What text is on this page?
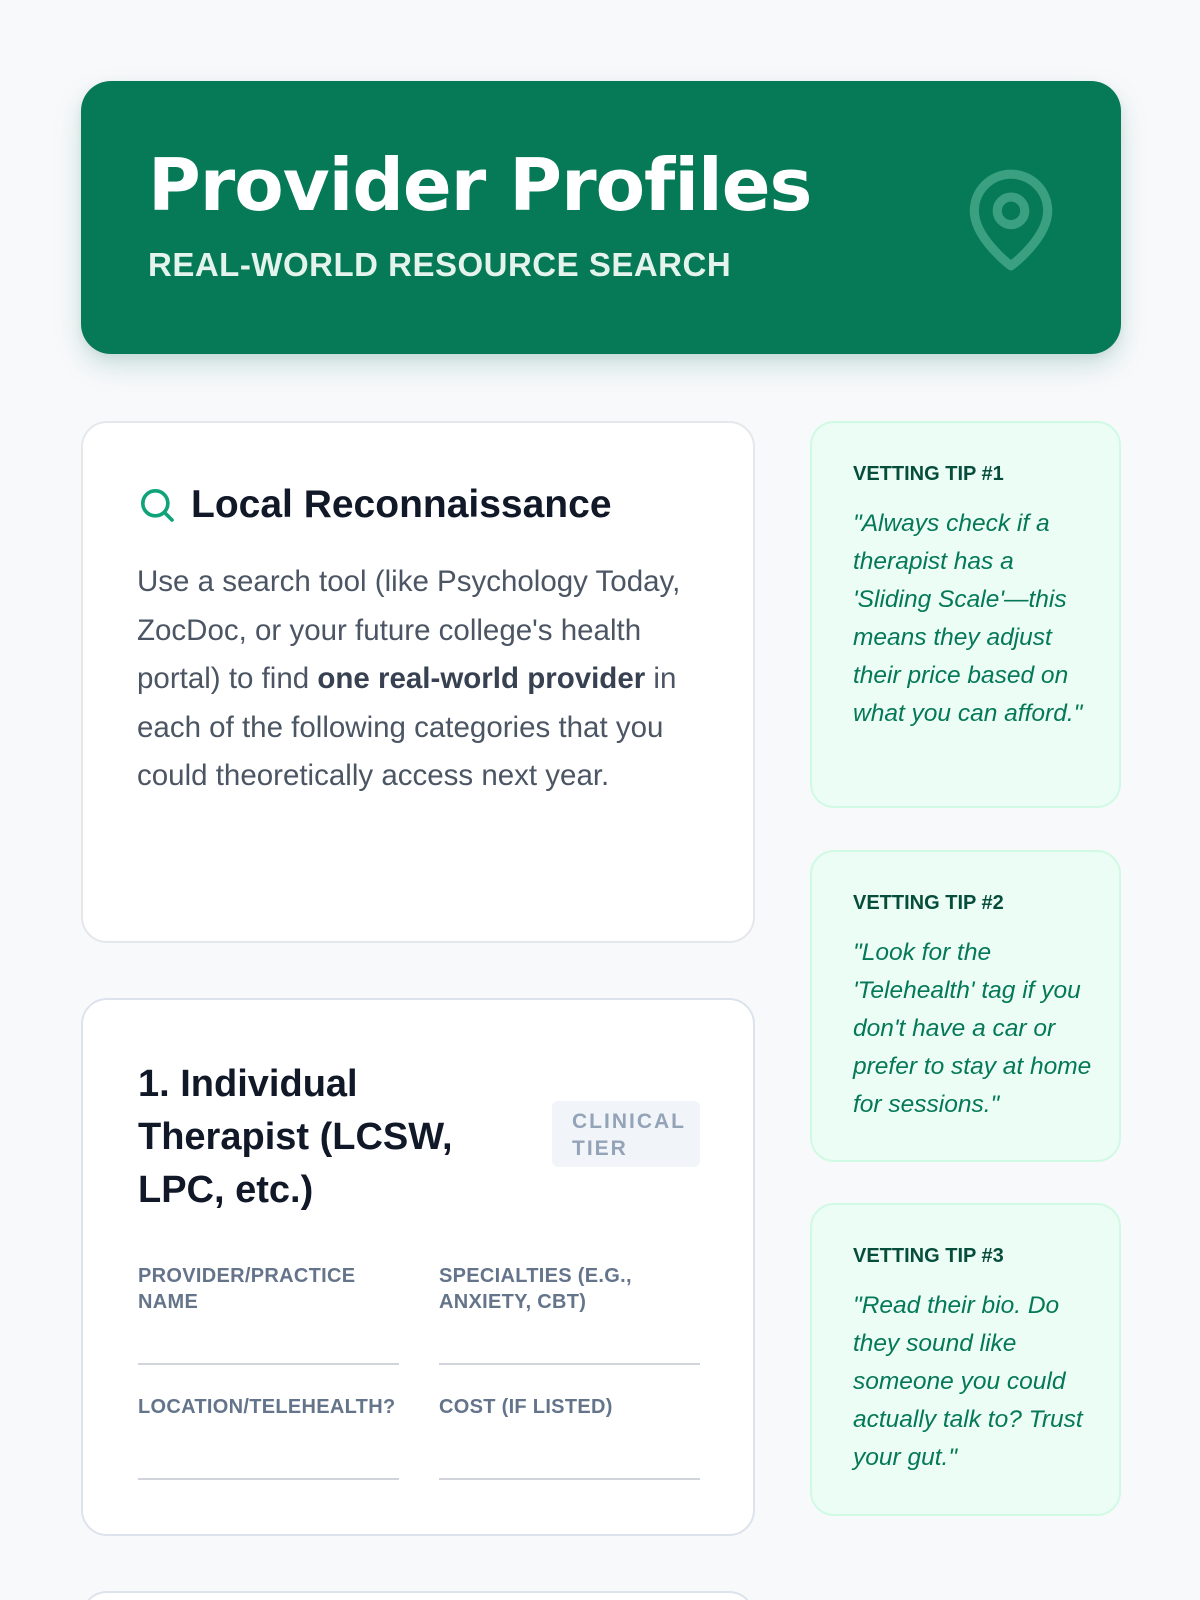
Provider Profiles
REAL-WORLD RESOURCE SEARCH
Local Reconnaissance

Use a search tool (like Psychology Today, ZocDoc, or your future college's health portal) to find one real-world provider in each of the following categories that you could theoretically access next year.

1. Individual Therapist (LCSW, LPC, etc.)
CLINICAL TIER
PROVIDER/PRACTICE NAME
SPECIALTIES (E.G., ANXIETY, CBT)
LOCATION/TELEHEALTH? COST (IF LISTED)
VETTING TIP #1

"Always check if a therapist has a 'Sliding Scale'—this means they adjust their price based on what you can afford."

VETTING TIP #2

"Look for the 'Telehealth' tag if you don't have a car or prefer to stay at home for sessions."

VETTING TIP #3

"Read their bio. Do they sound like someone you could actually talk to? Trust your gut."
